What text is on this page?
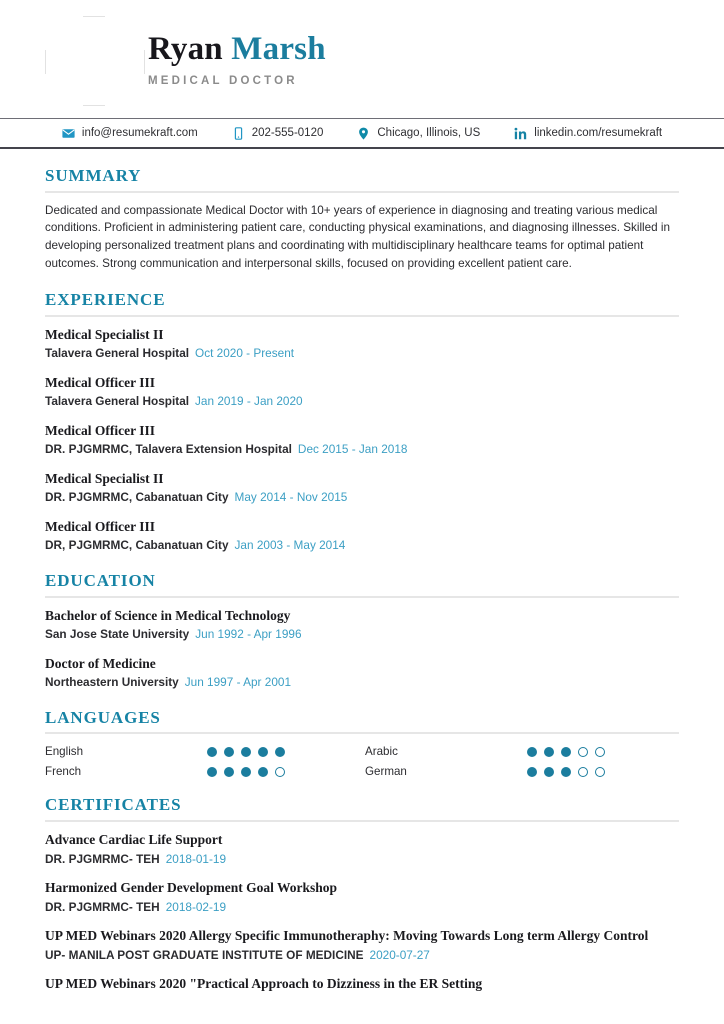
Ryan Marsh
MEDICAL DOCTOR
info@resumekraft.com	202-555-0120	Chicago, Illinois, US	linkedin.com/resumekraft
SUMMARY
Dedicated and compassionate Medical Doctor with 10+ years of experience in diagnosing and treating various medical conditions. Proficient in administering patient care, conducting physical examinations, and diagnosing illnesses. Skilled in developing personalized treatment plans and coordinating with multidisciplinary healthcare teams for optimal patient outcomes. Strong communication and interpersonal skills, focused on providing excellent patient care.
EXPERIENCE
Medical Specialist II
Talavera General Hospital Oct 2020 - Present
Medical Officer III
Talavera General Hospital Jan 2019 - Jan 2020
Medical Officer III
DR. PJGMRMC, Talavera Extension Hospital Dec 2015 - Jan 2018
Medical Specialist II
DR. PJGMRMC, Cabanatuan City May 2014 - Nov 2015
Medical Officer III
DR, PJGMRMC, Cabanatuan City Jan 2003 - May 2014
EDUCATION
Bachelor of Science in Medical Technology
San Jose State University Jun 1992 - Apr 1996
Doctor of Medicine
Northeastern University Jun 1997 - Apr 2001
LANGUAGES
English	Arabic
French	German
CERTIFICATES
Advance Cardiac Life Support
DR. PJGMRMC- TEH 2018-01-19
Harmonized Gender Development Goal Workshop
DR. PJGMRMC- TEH 2018-02-19
UP MED Webinars 2020 Allergy Specific Immunotheraphy: Moving Towards Long term Allergy Control
UP- MANILA POST GRADUATE INSTITUTE OF MEDICINE 2020-07-27
UP MED Webinars 2020 "Practical Approach to Dizziness in the ER Setting
